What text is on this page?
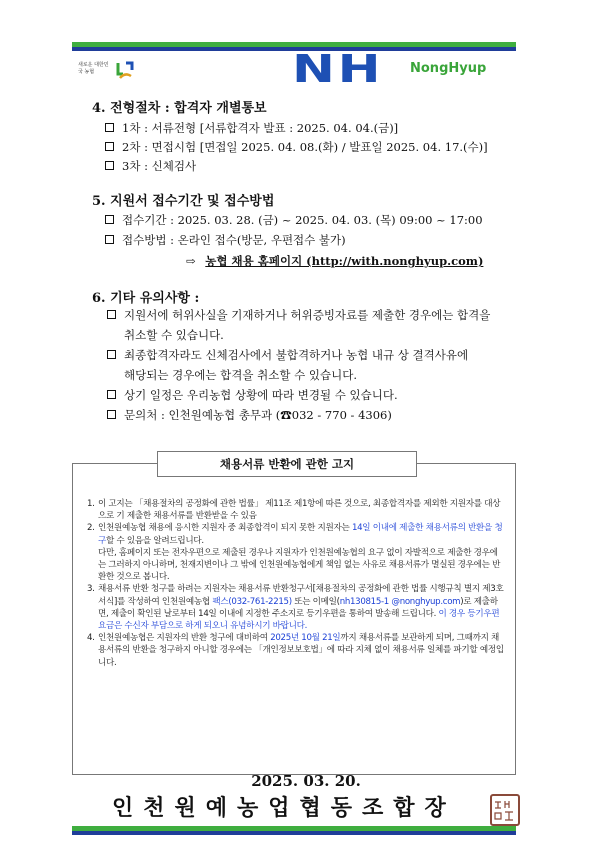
새로운 대한민국 농협	NH NongHyup
4. 전형절차 : 합격자 개별통보
1차 : 서류전형 [서류합격자 발표 : 2025. 04. 04.(금)]
2차 : 면접시험 [면접일 2025. 04. 08.(화) / 발표일 2025. 04. 17.(수)]
3차 : 신체검사
5. 지원서 접수기간 및 접수방법
접수기간 : 2025. 03. 28. (금) ~ 2025. 04. 03. (목) 09:00 ~ 17:00
접수방법 : 온라인 접수(방문, 우편접수 불가)
⇨ 농협 채용 홈페이지 (http://with.nonghyup.com)
6. 기타 유의사항 :
지원서에 허위사실을 기재하거나 허위증빙자료를 제출한 경우에는 합격을
취소할 수 있습니다.
최종합격자라도 신체검사에서 불합격하거나 농협 내규 상 결격사유에
해당되는 경우에는 합격을 취소할 수 있습니다.
상기 일정은 우리농협 상황에 따라 변경될 수 있습니다.
문의처 : 인천원예농협 총무과 (☎032 - 770 - 4306)
채용서류 반환에 관한 고지
1. 이 고지는 「채용절차의 공정화에 관한 법률」 제11조 제1항에 따른 것으로, 최종합격자를 제외한 지원자를 대상으로 기 제출한 채용서류를 반환받을 수 있음
2. 인천원예농협 채용에 응시한 지원자 중 최종합격이 되지 못한 지원자는 14일 이내에 제출한 채용서류의 반환을 청구할 수 있음을 알려드립니다.
다만, 홈페이지 또는 전자우편으로 제출된 경우나 지원자가 인천원예농협의 요구 없이 자발적으로 제출한 경우에는 그러하지 아니하며, 천재지변이나 그 밖에 인천원예농협에게 책임 없는 사유로 채용서류가 멸실된 경우에는 반환한 것으로 봅니다.
3. 채용서류 반환 청구를 하려는 지원자는 채용서류 반환청구서[채용절차의 공정화에 관한 법률 시행규칙 별지 제3호 서식]를 작성하여 인천원예농협 팩스(032-761-2215) 또는 이메일(nh130815-1 @nonghyup.com)로 제출하면, 제출이 확인된 날로부터 14일 이내에 지정한 주소지로 등기우편을 통하여 발송해 드립니다. 이 경우 등기우편 요금은 수신자 부담으로 하게 되오니 유념하시기 바랍니다.
4. 인천원예농협은 지원자의 반환 청구에 대비하여 2025년 10월 21일까지 채용서류를 보관하게 되며, 그때까지 채용서류의 반환을 청구하지 아니할 경우에는 「개인정보보호법」에 따라 지체 없이 채용서류 일체를 파기할 예정입니다.
2025. 03. 20.
인천원예농업협동조합장
